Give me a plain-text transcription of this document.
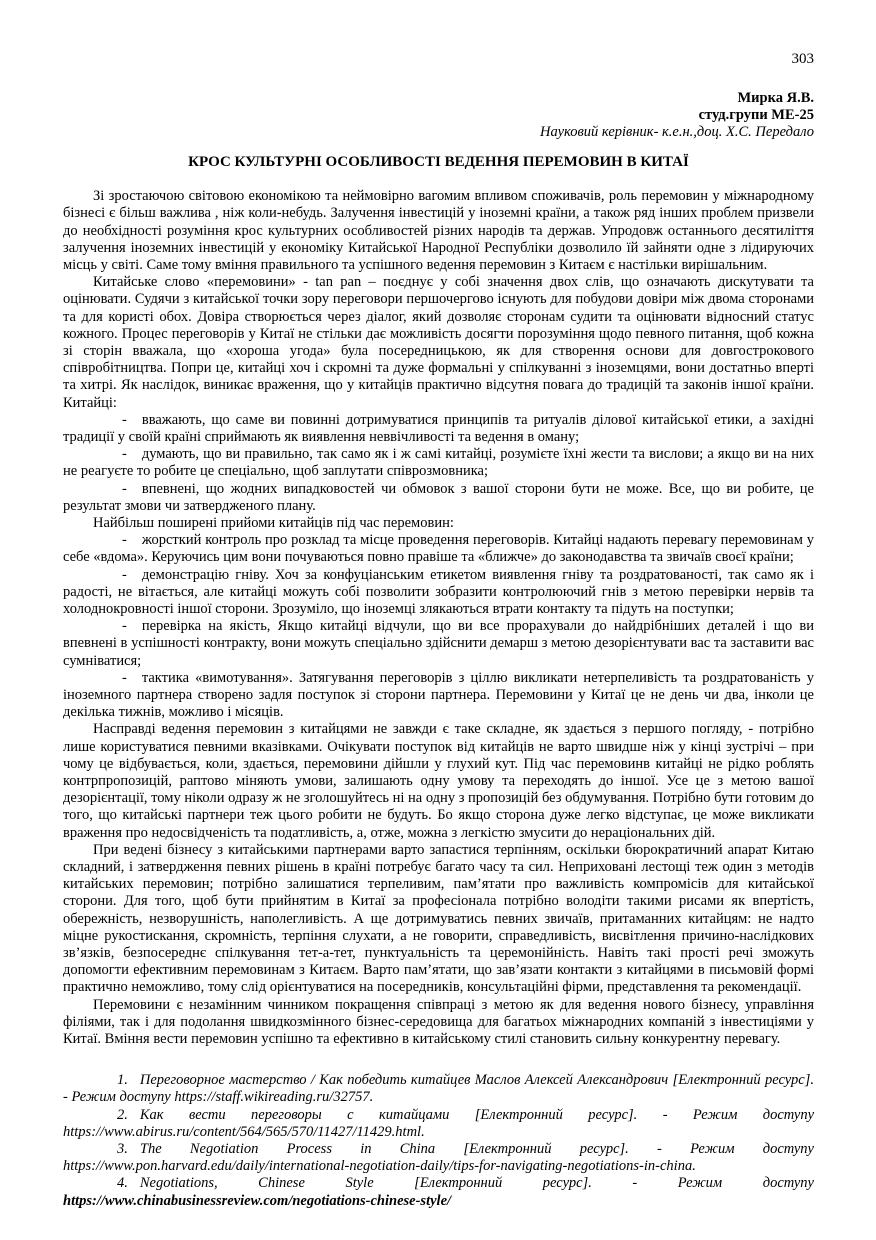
303
Мирка Я.В.
студ.групи МЕ-25
Науковий керівник- к.е.н.,доц. Х.С. Передало
КРОС КУЛЬТУРНІ ОСОБЛИВОСТІ ВЕДЕННЯ ПЕРЕМОВИН В КИТАЇ

Зі зростаючою світовою економікою та неймовірно вагомим впливом споживачів, роль перемовин у міжнародному бізнесі є більш важлива , ніж коли-небудь. Залучення інвестицій у іноземні країни, а також ряд інших проблем призвели до необхідності розуміння крос культурних особливостей різних народів та держав. Упродовж останнього десятиліття залучення іноземних інвестицій у економіку Китайської Народної Республіки дозволило їй зайняти одне з лідируючих місць у світі. Саме тому вміння правильного та успішного ведення перемовин з Китаєм є настільки вирішальним.

Китайське слово «перемовини» - tan pan – поєднує у собі значення двох слів, що означають дискутувати та оцінювати. Судячи з китайської точки зору переговори першочергово існують для побудови довіри між двома сторонами та для користі обох. Довіра створюється через діалог, який дозволяє сторонам судити та оцінювати відносний статус кожного. Процес переговорів у Китаї не стільки дає можливість досягти порозуміння щодо певного питання, щоб кожна зі сторін вважала, що «хороша угода» була посередницькою, як для створення основи для довгострокового співробітництва. Попри це, китайці хоч і скромні та дуже формальні у спілкуванні з іноземцями, вони достатньо вперті та хитрі. Як наслідок, виникає враження, що у китайців практично відсутня повага до традицій та законів іншої країни. Китайці:

- вважають, що саме ви повинні дотримуватися принципів та ритуалів ділової китайської етики, а західні традиції у своїй країні сприймають як виявлення неввічливості та ведення в оману;

- думають, що ви правильно, так само як і ж самі китайці, розумієте їхні жести та вислови; а якщо ви на них не реагуєте то робите це спеціально, щоб заплутати співрозмовника;

- впевнені, що жодних випадковостей чи обмовок з вашої сторони бути не може. Все, що ви робите, це результат змови чи затвердженого плану.

Найбільш поширені прийоми китайців під час перемовин:

- жорсткий контроль про розклад та місце проведення переговорів. Китайці надають перевагу перемовинам у себе «вдома». Керуючись цим вони почуваються повно правіше та «ближче» до законодавства та звичаїв своєї країни;

- демонстрацію гніву. Хоч за конфуціанським етикетом виявлення гніву та роздратованості, так само як і радості, не вітається, але китайці можуть собі позволити зобразити контролюючий гнів з метою перевірки нервів та холоднокровності іншої сторони. Зрозуміло, що іноземці злякаються втрати контакту та підуть на поступки;

- перевірка на якість, Якщо китайці відчули, що ви все прорахували до найдрібніших деталей і що ви впевнені в успішності контракту, вони можуть спеціально здійснити демарш з метою дезорієнтувати вас та заставити вас сумніватися;

- тактика «вимотування». Затягування переговорів з ціллю викликати нетерпеливість та роздратованість у іноземного партнера створено задля поступок зі сторони партнера. Перемовини у Китаї це не день чи два, інколи це декілька тижнів, можливо і місяців.

Насправді ведення перемовин з китайцями не завжди є таке складне, як здається з першого погляду, - потрібно лише користуватися певними вказівками. Очікувати поступок від китайців не варто швидше ніж у кінці зустрічі – при чому це відбувається, коли, здається, перемовини дійшли у глухий кут. Під час перемовинв китайці не рідко роблять контрпропозицій, раптово міняють умови, залишають одну умову та переходять до іншої. Усе це з метою вашої дезорієнтації, тому ніколи одразу ж не зголошуйтесь ні на одну з пропозицій без обдумування. Потрібно бути готовим до того, що китайські партнери теж цього робити не будуть. Бо якщо сторона дуже легко відступає, це може викликати враження про недосвідченість та податливість, а, отже, можна з легкістю змусити до нераціональних дій.

При ведені бізнесу з китайськими партнерами варто запастися терпінням, оскільки бюрократичний апарат Китаю складний, і затвердження певних рішень в країні потребує багато часу та сил. Неприховані лестощі теж один з методів китайських перемовин; потрібно залишатися терпеливим, пам’ятати про важливість компромісів для китайської сторони. Для того, щоб бути прийнятим в Китаї за професіонала потрібно володіти такими рисами як впертість, обережність, незворушність, наполегливість. А ще дотримуватись певних звичаїв, притаманних китайцям: не надто міцне рукостискання, скромність, терпіння слухати, а не говорити, справедливість, висвітлення причино-наслідкових зв’язків, безпосереднє спілкування тет-а-тет, пунктуальність та церемонійність. Навіть такі прості речі зможуть допомогти ефективним перемовинам з Китаєм. Варто пам’ятати, що зав’язати контакти з китайцями в письмовій формі практично неможливо, тому слід орієнтуватися на посередників, консультаційні фірми, представлення та рекомендації.

Перемовини є незамінним чинником покращення співпраці з метою як для ведення нового бізнесу, управління філіями, так і для подолання швидкозмінного бізнес-середовища для багатьох міжнародних компаній з інвестиціями у Китаї. Вміння вести перемовин успішно та ефективно в китайському стилі становить сильну конкурентну перевагу.

1. Переговорное мастерство / Как победить китайцев Маслов Алексей Александрович [Електронний ресурс]. - Режим доступу https://staff.wikireading.ru/32757.

2. Как вести переговоры с китайцами [Електронний ресурс]. - Режим доступу https://www.abirus.ru/content/564/565/570/11427/11429.html.

3. The Negotiation Process in China [Електронний ресурс]. - Режим доступу https://www.pon.harvard.edu/daily/international-negotiation-daily/tips-for-navigating-negotiations-in-china.

4. Negotiations, Chinese Style [Електронний ресурс]. - Режим доступу https://www.chinabusinessreview.com/negotiations-chinese-style/
